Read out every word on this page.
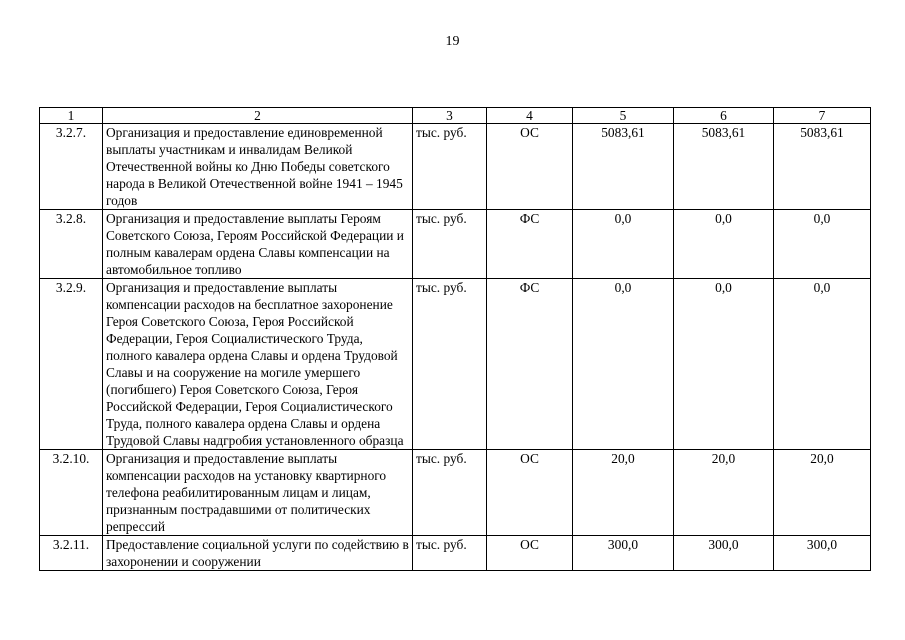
19
1	2	3	4	5	6	7
3.2.7.	Организация и предоставление единовременной выплаты участникам и инвалидам Великой Отечественной войны ко Дню Победы советского народа в Великой Отечественной войне 1941 – 1945 годов	тыс. руб.	ОС	5083,61	5083,61	5083,61
3.2.8.	Организация и предоставление выплаты Героям Советского Союза, Героям Российской Федерации и полным кавалерам ордена Славы компенсации на автомобильное топливо	тыс. руб.	ФС	0,0	0,0	0,0
3.2.9.	Организация и предоставление выплаты компенсации расходов на бесплатное захоронение Героя Советского Союза, Героя Российской Федерации, Героя Социалистического Труда, полного кавалера ордена Славы и ордена Трудовой Славы и на сооружение на могиле умершего (погибшего) Героя Советского Союза, Героя Российской Федерации, Героя Социалистического Труда, полного кавалера ордена Славы и ордена Трудовой Славы надгробия установленного образца	тыс. руб.	ФС	0,0	0,0	0,0
3.2.10.	Организация и предоставление выплаты компенсации расходов на установку квартирного телефона реабилитированным лицам и лицам, признанным пострадавшими от политических репрессий	тыс. руб.	ОС	20,0	20,0	20,0
3.2.11.	Предоставление социальной услуги по содействию в захоронении и сооружении	тыс. руб.	ОС	300,0	300,0	300,0
